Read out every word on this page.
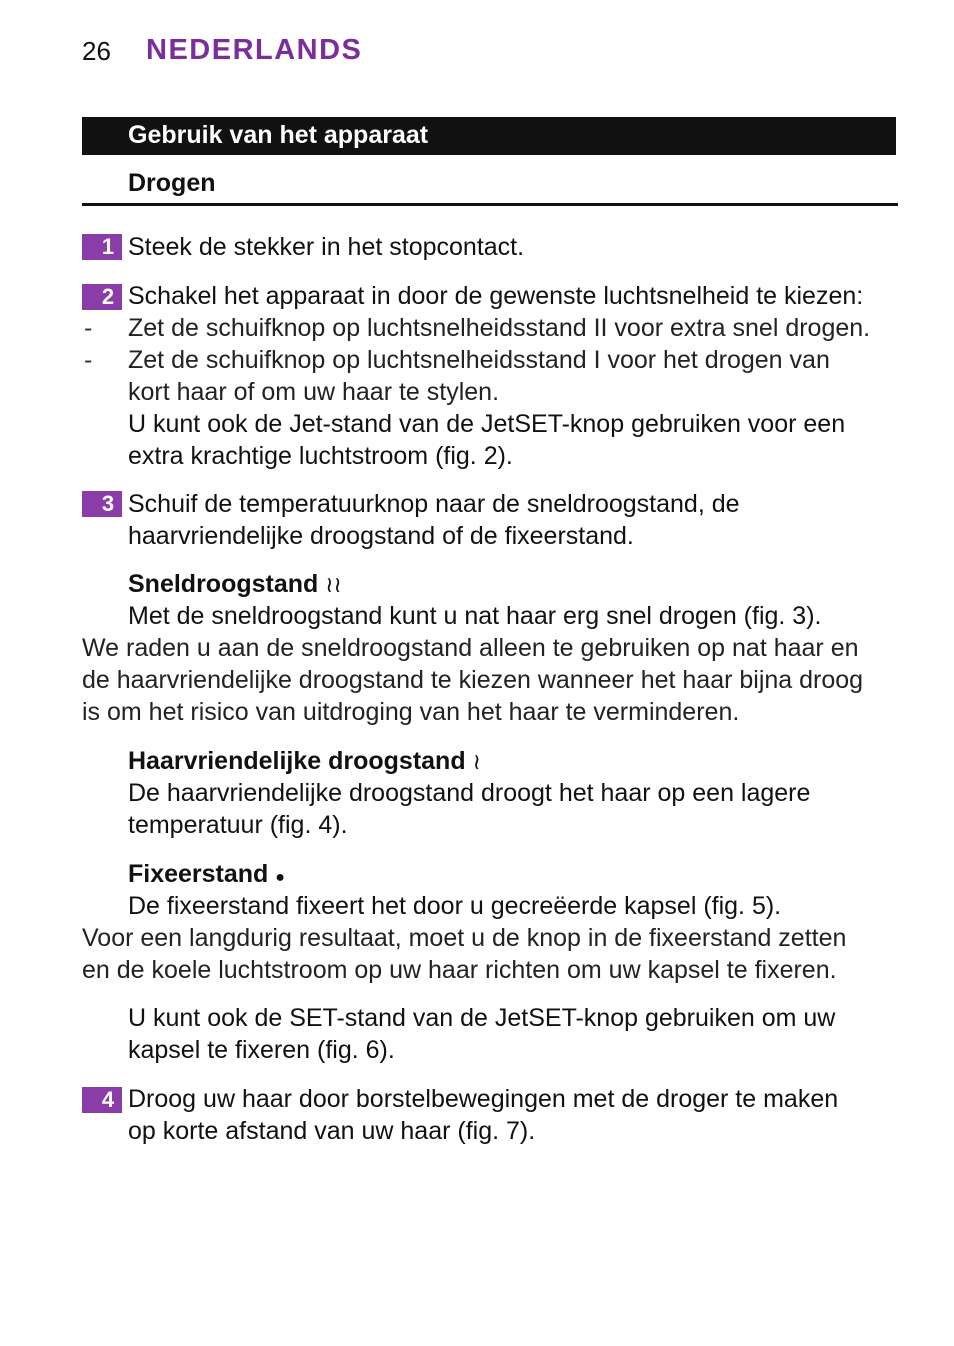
26 NEDERLANDS
Gebruik van het apparaat
Drogen
1 Steek de stekker in het stopcontact.
2 Schakel het apparaat in door de gewenste luchtsnelheid te kiezen:
- Zet de schuifknop op luchtsnelheidsstand II voor extra snel drogen.
- Zet de schuifknop op luchtsnelheidsstand I voor het drogen van
kort haar of om uw haar te stylen.
U kunt ook de Jet-stand van de JetSET-knop gebruiken voor een
extra krachtige luchtstroom (fig. 2).
3 Schuif de temperatuurknop naar de sneldroogstand, de
haarvriendelijke droogstand of de fixeerstand.
Sneldroogstand ≀≀
Met de sneldroogstand kunt u nat haar erg snel drogen (fig. 3).
We raden u aan de sneldroogstand alleen te gebruiken op nat haar en
de haarvriendelijke droogstand te kiezen wanneer het haar bijna droog
is om het risico van uitdroging van het haar te verminderen.
Haarvriendelijke droogstand ≀
De haarvriendelijke droogstand droogt het haar op een lagere
temperatuur (fig. 4).
Fixeerstand ●
De fixeerstand fixeert het door u gecreëerde kapsel (fig. 5).
Voor een langdurig resultaat, moet u de knop in de fixeerstand zetten
en de koele luchtstroom op uw haar richten om uw kapsel te fixeren.
U kunt ook de SET-stand van de JetSET-knop gebruiken om uw
kapsel te fixeren (fig. 6).
4 Droog uw haar door borstelbewegingen met de droger te maken
op korte afstand van uw haar (fig. 7).
